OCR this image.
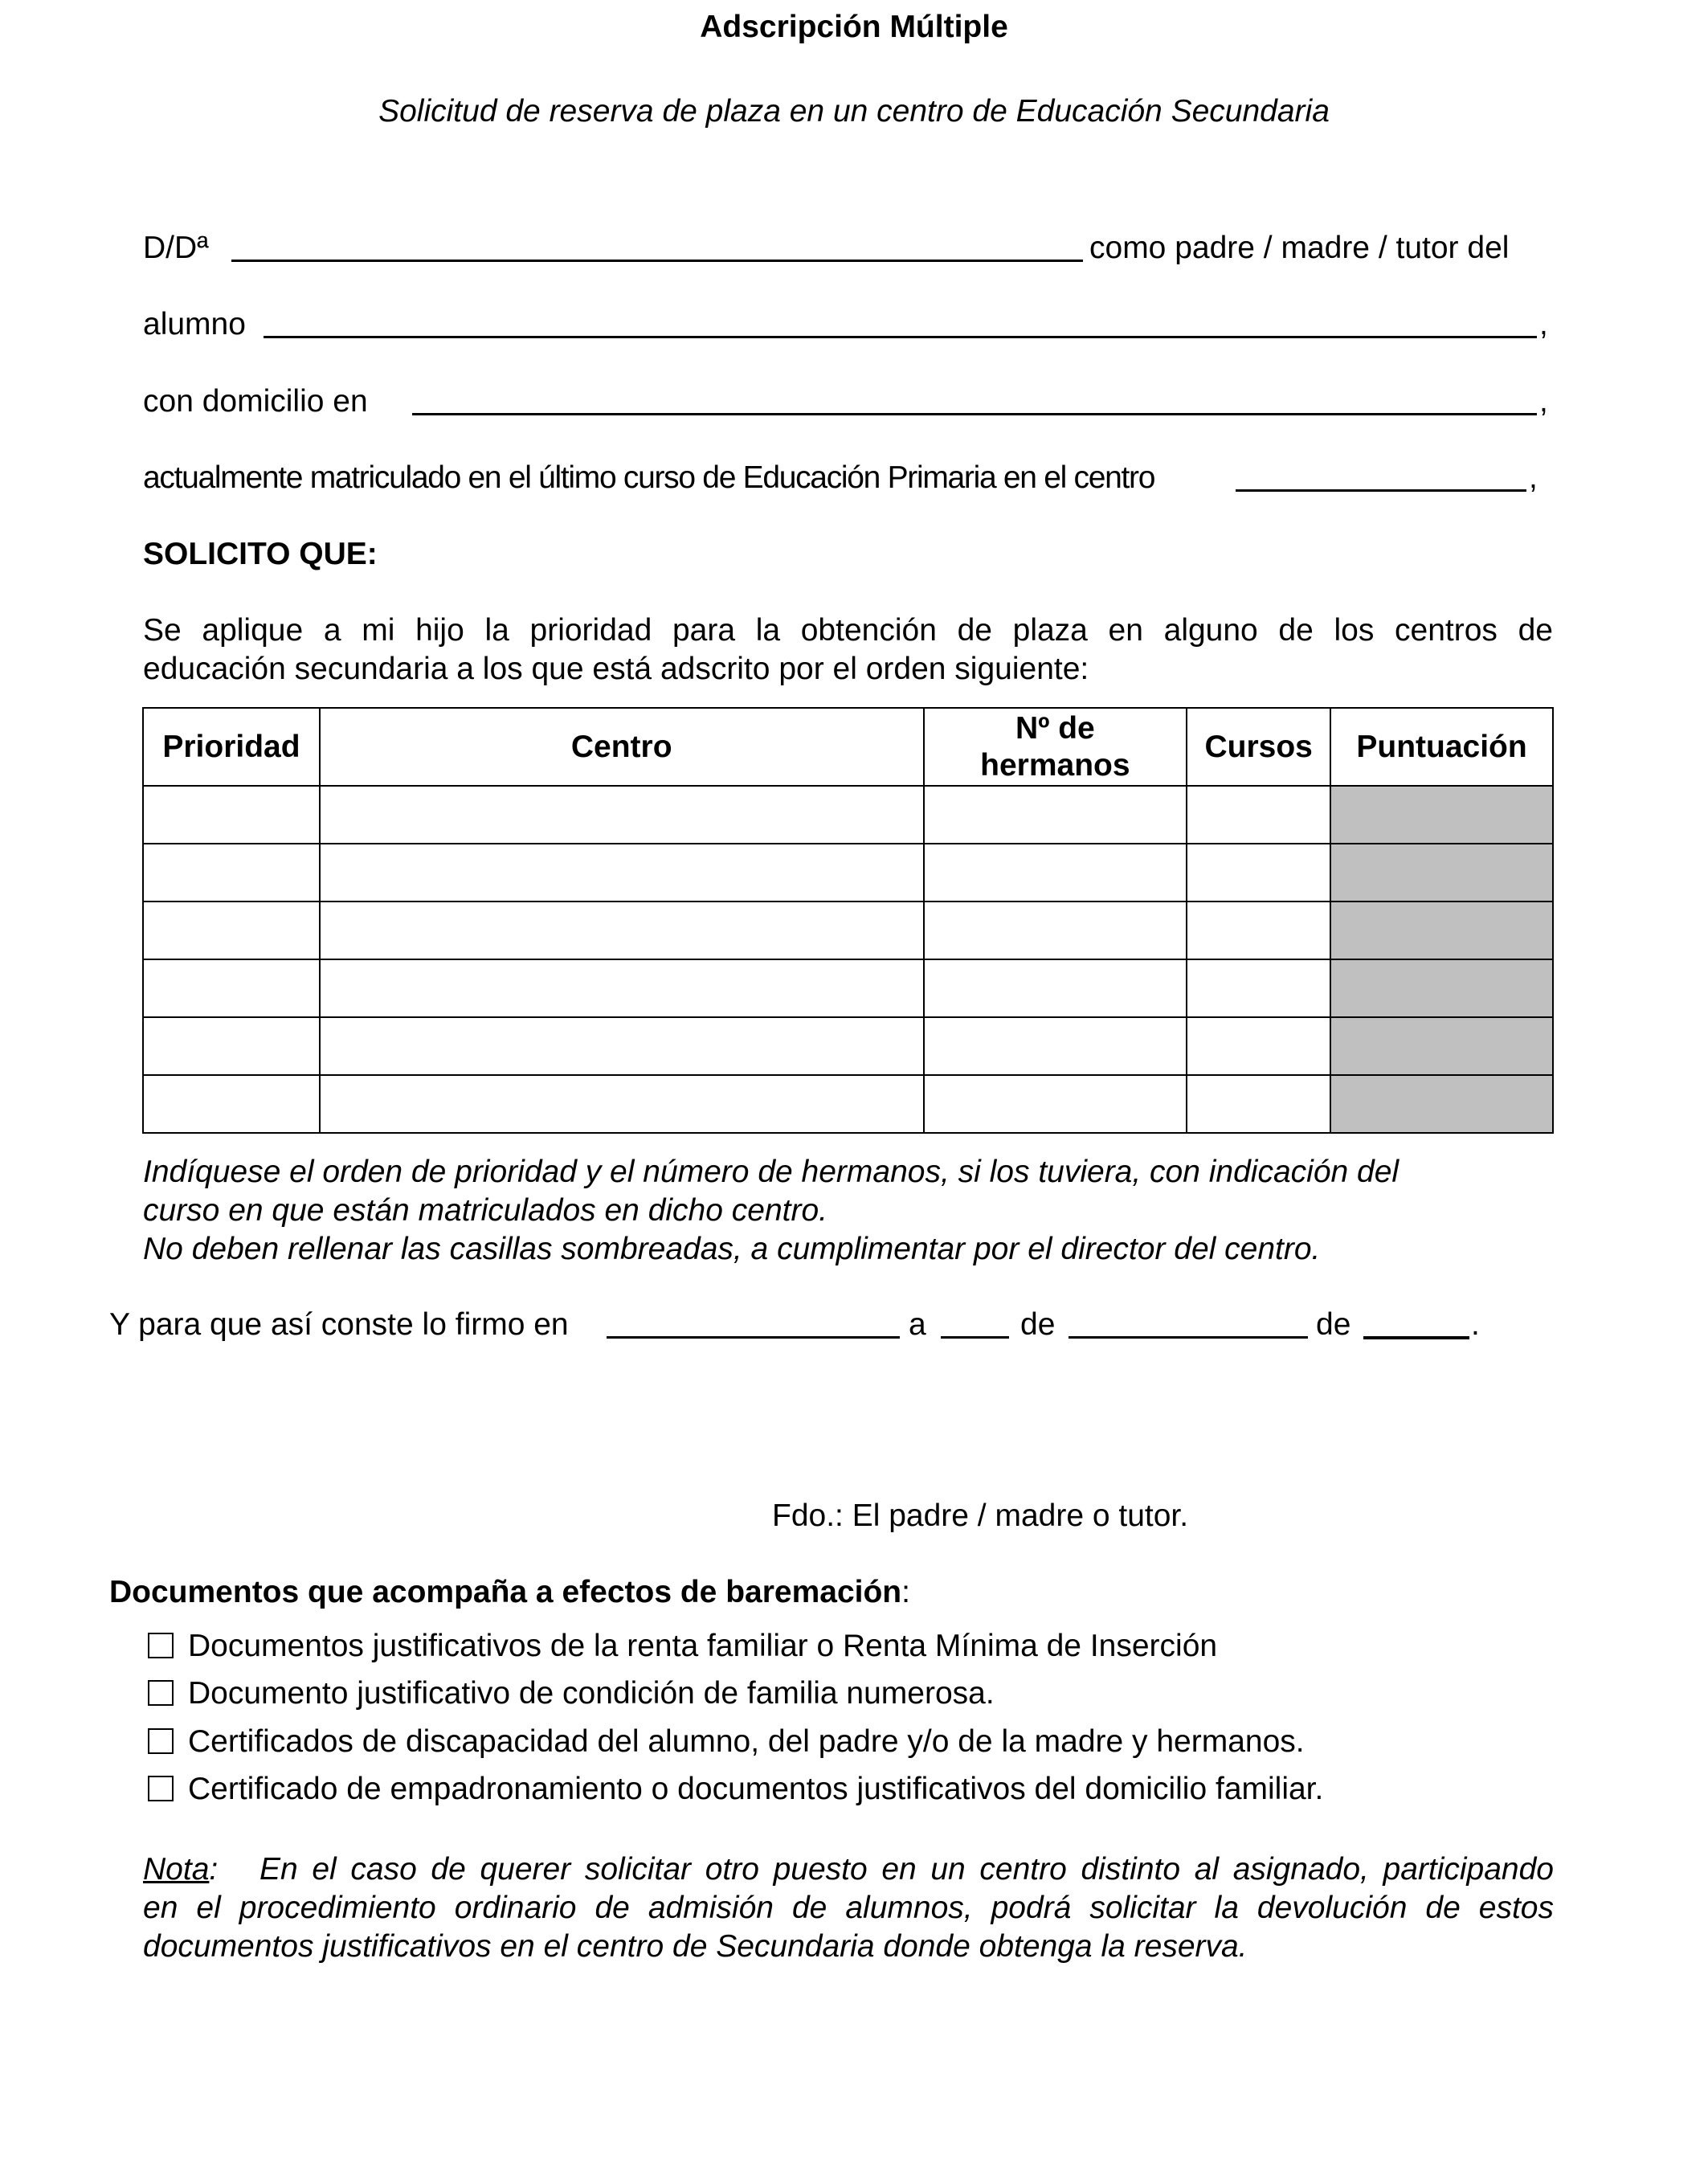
Adscripción Múltiple
Solicitud de reserva de plaza en un centro de Educación Secundaria
D/Dª	como padre / madre / tutor del
alumno	,
con domicilio en	,
actualmente matriculado en el último curso de Educación Primaria en el centro	,
SOLICITO QUE:
Se aplique a mi hijo la prioridad para la obtención de plaza en alguno de los centros de
educación secundaria a los que está adscrito por el orden siguiente:
Prioridad	Centro	Nº de
hermanos	Cursos	Puntuación

Indíquese el orden de prioridad y el número de hermanos, si los tuviera, con indicación del
curso en que están matriculados en dicho centro.
No deben rellenar las casillas sombreadas, a cumplimentar por el director del centro.
Y para que así conste lo firmo en	a	de	de	.
Fdo.: El padre / madre o tutor.
Documentos que acompaña a efectos de baremación:
Documentos justificativos de la renta familiar o Renta Mínima de Inserción
Documento justificativo de condición de familia numerosa.
Certificados de discapacidad del alumno, del padre y/o de la madre y hermanos.
Certificado de empadronamiento o documentos justificativos del domicilio familiar.
Nota: En el caso de querer solicitar otro puesto en un centro distinto al asignado, participando
en el procedimiento ordinario de admisión de alumnos, podrá solicitar la devolución de estos
documentos justificativos en el centro de Secundaria donde obtenga la reserva.
